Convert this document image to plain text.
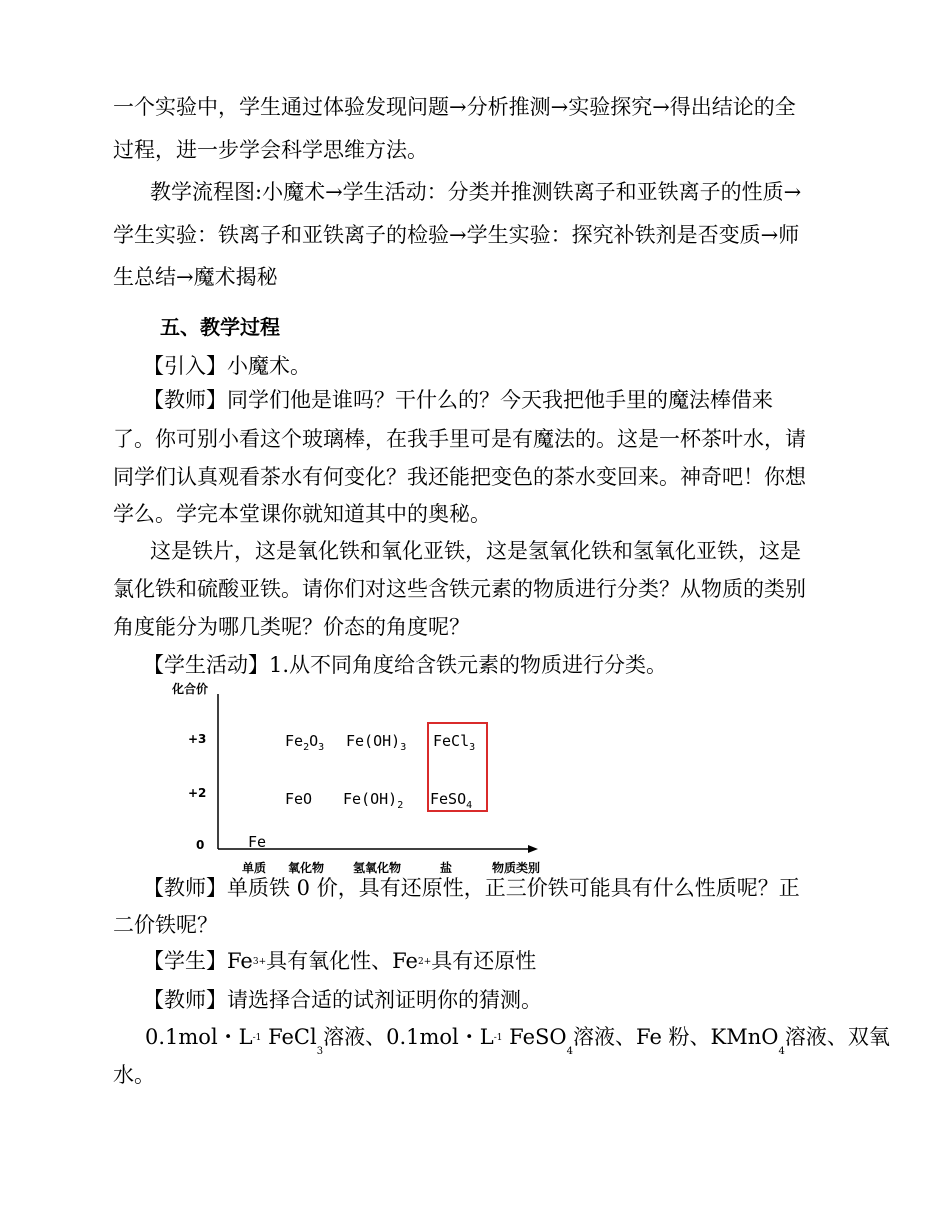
一个实验中，学生通过体验发现问题→分析推测→实验探究→得出结论的全
过程，进一步学会科学思维方法。
教学流程图:小魔术→学生活动：分类并推测铁离子和亚铁离子的性质→
学生实验：铁离子和亚铁离子的检验→学生实验：探究补铁剂是否变质→师
生总结→魔术揭秘
五、教学过程
【引入】小魔术。
【教师】同学们他是谁吗？干什么的？今天我把他手里的魔法棒借来
了。你可别小看这个玻璃棒，在我手里可是有魔法的。这是一杯茶叶水，请
同学们认真观看茶水有何变化？我还能把变色的茶水变回来。神奇吧！你想
学么。学完本堂课你就知道其中的奥秘。
这是铁片，这是氧化铁和氧化亚铁，这是氢氧化铁和氢氧化亚铁，这是
氯化铁和硫酸亚铁。请你们对这些含铁元素的物质进行分类？从物质的类别
角度能分为哪几类呢？价态的角度呢？
【学生活动】1.从不同角度给含铁元素的物质进行分类。
化合价
+3
+2
0
单质 氧化物 氢氧化物	盐	物质类别
$Fe_2O_3$ $Fe(OH)_3$ FeCl$_3$
FeO $Fe(OH)_2$ FeSO$_4$
Fe
【教师】单质铁 0 价，具有还原性，正三价铁可能具有什么性质呢？正
二价铁呢？
【学生】Fe3+具有氧化性、Fe2+具有还原性
【教师】请选择合适的试剂证明你的猜测。
0.1mol・L-1 FeCl$_3$溶液、0.1mol・L-1 FeSO$_4$溶液、Fe 粉、KMnO$_4$溶液、双氧
水。
